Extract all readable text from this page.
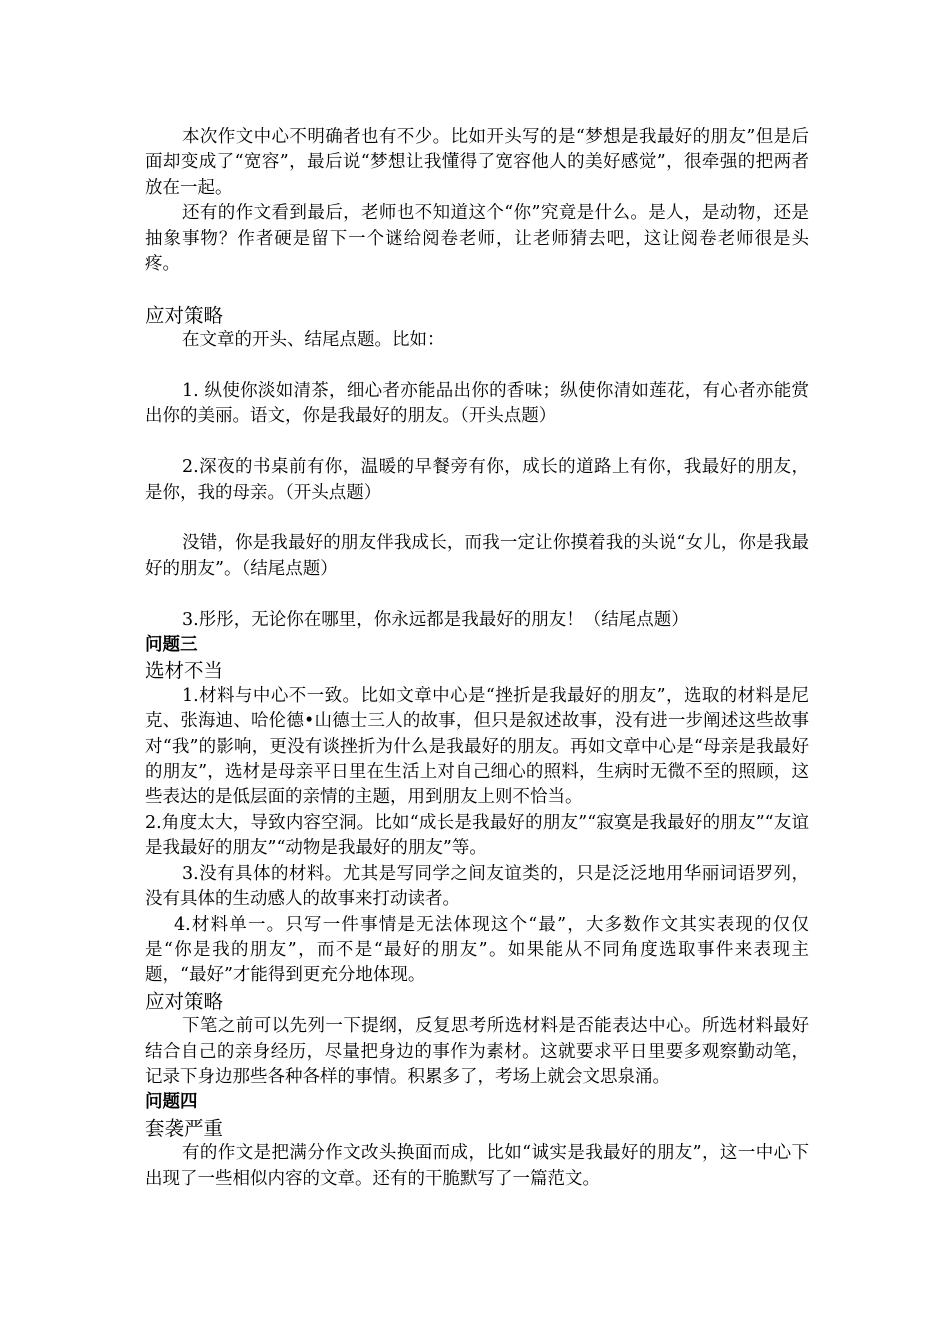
本次作文中心不明确者也有不少。比如开头写的是“梦想是我最好的朋友”但是后面却变成了“宽容”，最后说“梦想让我懂得了宽容他人的美好感觉”，很牵强的把两者放在一起。

还有的作文看到最后，老师也不知道这个“你”究竟是什么。是人，是动物，还是抽象事物？作者硬是留下一个谜给阅卷老师，让老师猜去吧，这让阅卷老师很是头疼。

应对策略

在文章的开头、结尾点题。比如：

1. 纵使你淡如清茶，细心者亦能品出你的香味；纵使你清如莲花，有心者亦能赏出你的美丽。语文，你是我最好的朋友。（开头点题）

2.深夜的书桌前有你，温暖的早餐旁有你，成长的道路上有你，我最好的朋友，是你，我的母亲。（开头点题）

没错，你是我最好的朋友伴我成长，而我一定让你摸着我的头说“女儿，你是我最好的朋友”。（结尾点题）

3.彤彤，无论你在哪里，你永远都是我最好的朋友！（结尾点题）

问题三

选材不当

1.材料与中心不一致。比如文章中心是“挫折是我最好的朋友”，选取的材料是尼克、张海迪、哈伦德•山德士三人的故事，但只是叙述故事，没有进一步阐述这些故事对“我”的影响，更没有谈挫折为什么是我最好的朋友。再如文章中心是“母亲是我最好的朋友”，选材是母亲平日里在生活上对自己细心的照料，生病时无微不至的照顾，这些表达的是低层面的亲情的主题，用到朋友上则不恰当。

2.角度太大，导致内容空洞。比如“成长是我最好的朋友”“寂寞是我最好的朋友”“友谊是我最好的朋友”“动物是我最好的朋友”等。

3.没有具体的材料。尤其是写同学之间友谊类的，只是泛泛地用华丽词语罗列，没有具体的生动感人的故事来打动读者。

4.材料单一。只写一件事情是无法体现这个“最”，大多数作文其实表现的仅仅是“你是我的朋友”，而不是“最好的朋友”。如果能从不同角度选取事件来表现主题，“最好”才能得到更充分地体现。

应对策略

下笔之前可以先列一下提纲，反复思考所选材料是否能表达中心。所选材料最好结合自己的亲身经历，尽量把身边的事作为素材。这就要求平日里要多观察勤动笔，记录下身边那些各种各样的事情。积累多了，考场上就会文思泉涌。

问题四

套袭严重

有的作文是把满分作文改头换面而成，比如“诚实是我最好的朋友”，这一中心下出现了一些相似内容的文章。还有的干脆默写了一篇范文。
